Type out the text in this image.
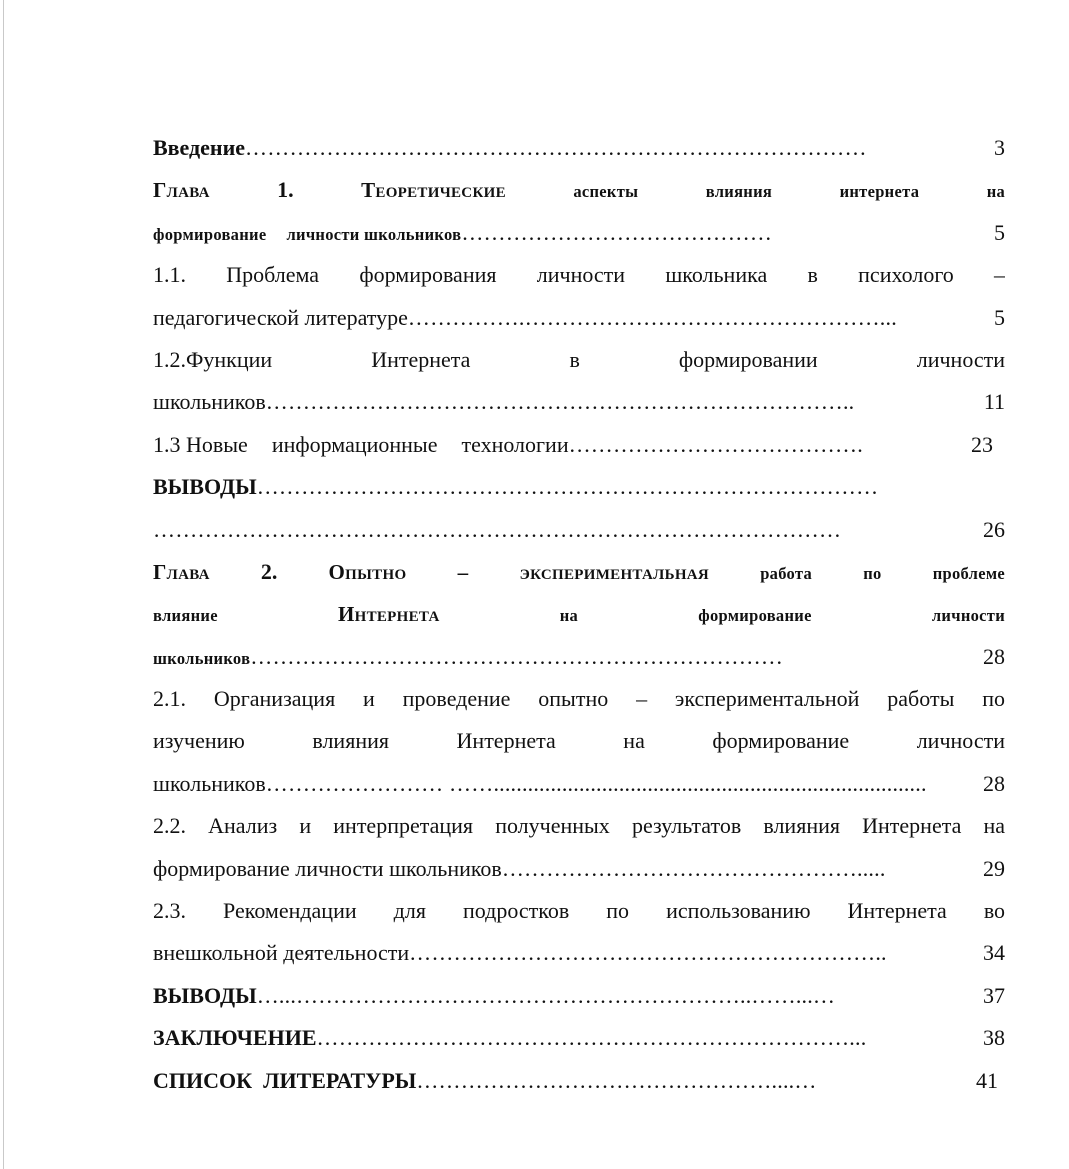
Введение …………………………………………………………………………	3
Глава	1.	Теоретические	аспекты	влияния	интернета	на
формирование личности школьников ……………………………………	5
1.1. Проблема формирования личности школьника в психолого –
педагогической литературе …………….…………………………………………...	5
1.2.Функции	Интернета	в	формировании	личности
школьников ……………………………………………………………………..	11
1.3 Новые информационные технологии ………………………………….	23
ВЫВОДЫ …………………………………………………………………………
…………………………………………………………………………………	26
Глава 2. Опытно – экспериментальная	работа	по	проблеме
влияние	Интернета	на	формирование	личности
школьников ………………………………………………………………	28
2.1. Организация и проведение опытно – экспериментальной работы по
изучению	влияния	Интернета	на	формирование	личности
школьников …………………… ……............................................................................	28
2.2. Анализ и интерпретация полученных результатов влияния Интернета на
формирование личности школьников ………………………………………….....	29
2.3. Рекомендации для подростков по использованию Интернета во
внешкольной деятельности ………………………………………………………..	34
ВЫВОДЫ …...……………………………………………………..……...…	37
ЗАКЛЮЧЕНИЕ ………………………………………………………………...	38
СПИСОК  ЛИТЕРАТУРЫ …………………………………………....…	41
